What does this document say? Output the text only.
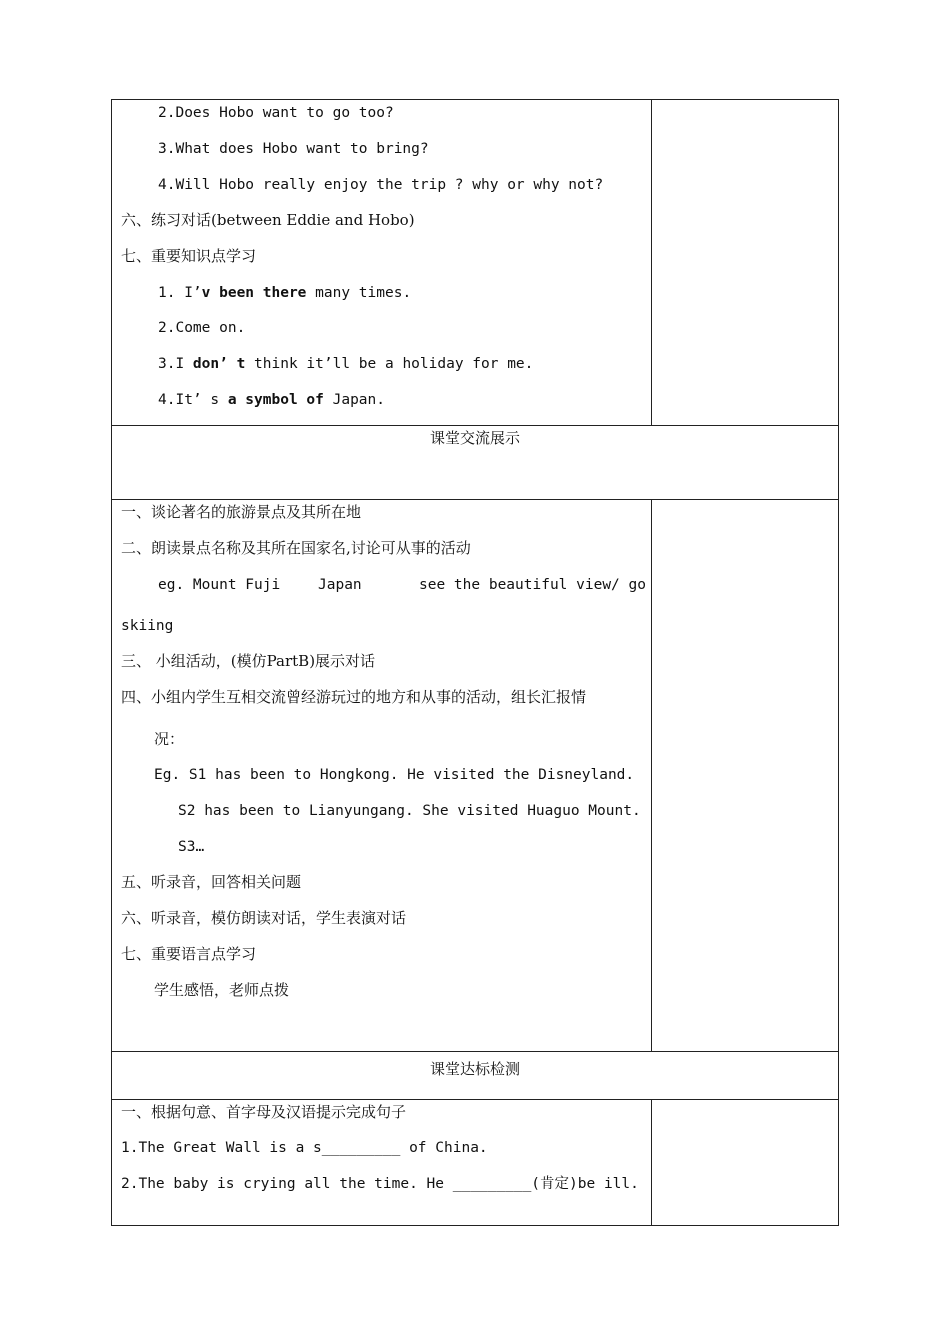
2.Does Hobo want to go too?
3.What does Hobo want to bring?
4.Will Hobo really enjoy the trip ? why or why not?
六、练习对话(between Eddie and Hobo)
七、重要知识点学习
1. I’v been there many times.
2.Come on.
3.I don’ t think it’ll be a holiday for me.
4.It’ s a symbol of Japan.
课堂交流展示
一、谈论著名的旅游景点及其所在地
二、朗读景点名称及其所在国家名,讨论可从事的活动
eg. Mount Fuji	Japan	see the beautiful view/ go
skiing
三、 小组活动，(模仿PartB)展示对话
四、小组内学生互相交流曾经游玩过的地方和从事的活动，组长汇报情
况：
Eg. S1 has been to Hongkong. He visited the Disneyland.
S2 has been to Lianyungang. She visited Huaguo Mount.
S3…
五、听录音，回答相关问题
六、听录音，模仿朗读对话，学生表演对话
七、重要语言点学习
学生感悟，老师点拨
课堂达标检测
一、根据句意、首字母及汉语提示完成句子
1.The Great Wall is a s_________ of China.
2.The baby is crying all the time. He _________(肯定)be ill.
